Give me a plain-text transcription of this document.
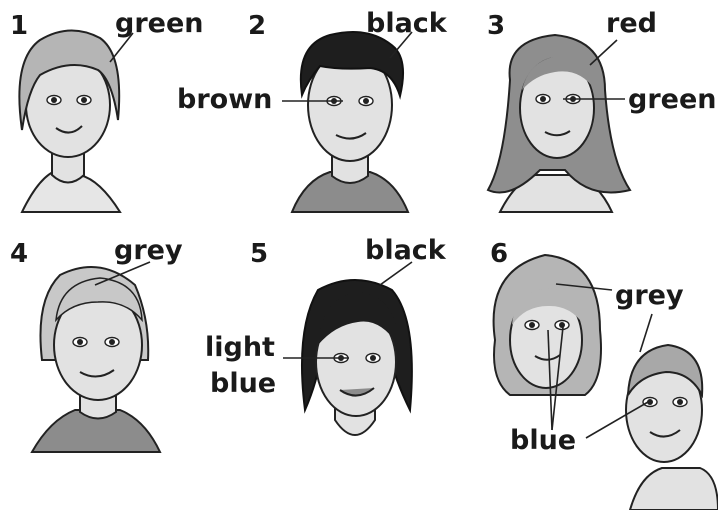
1	2	3
4	5	6
green	black
brown
red
green
grey	black
light
blue
grey
blue
